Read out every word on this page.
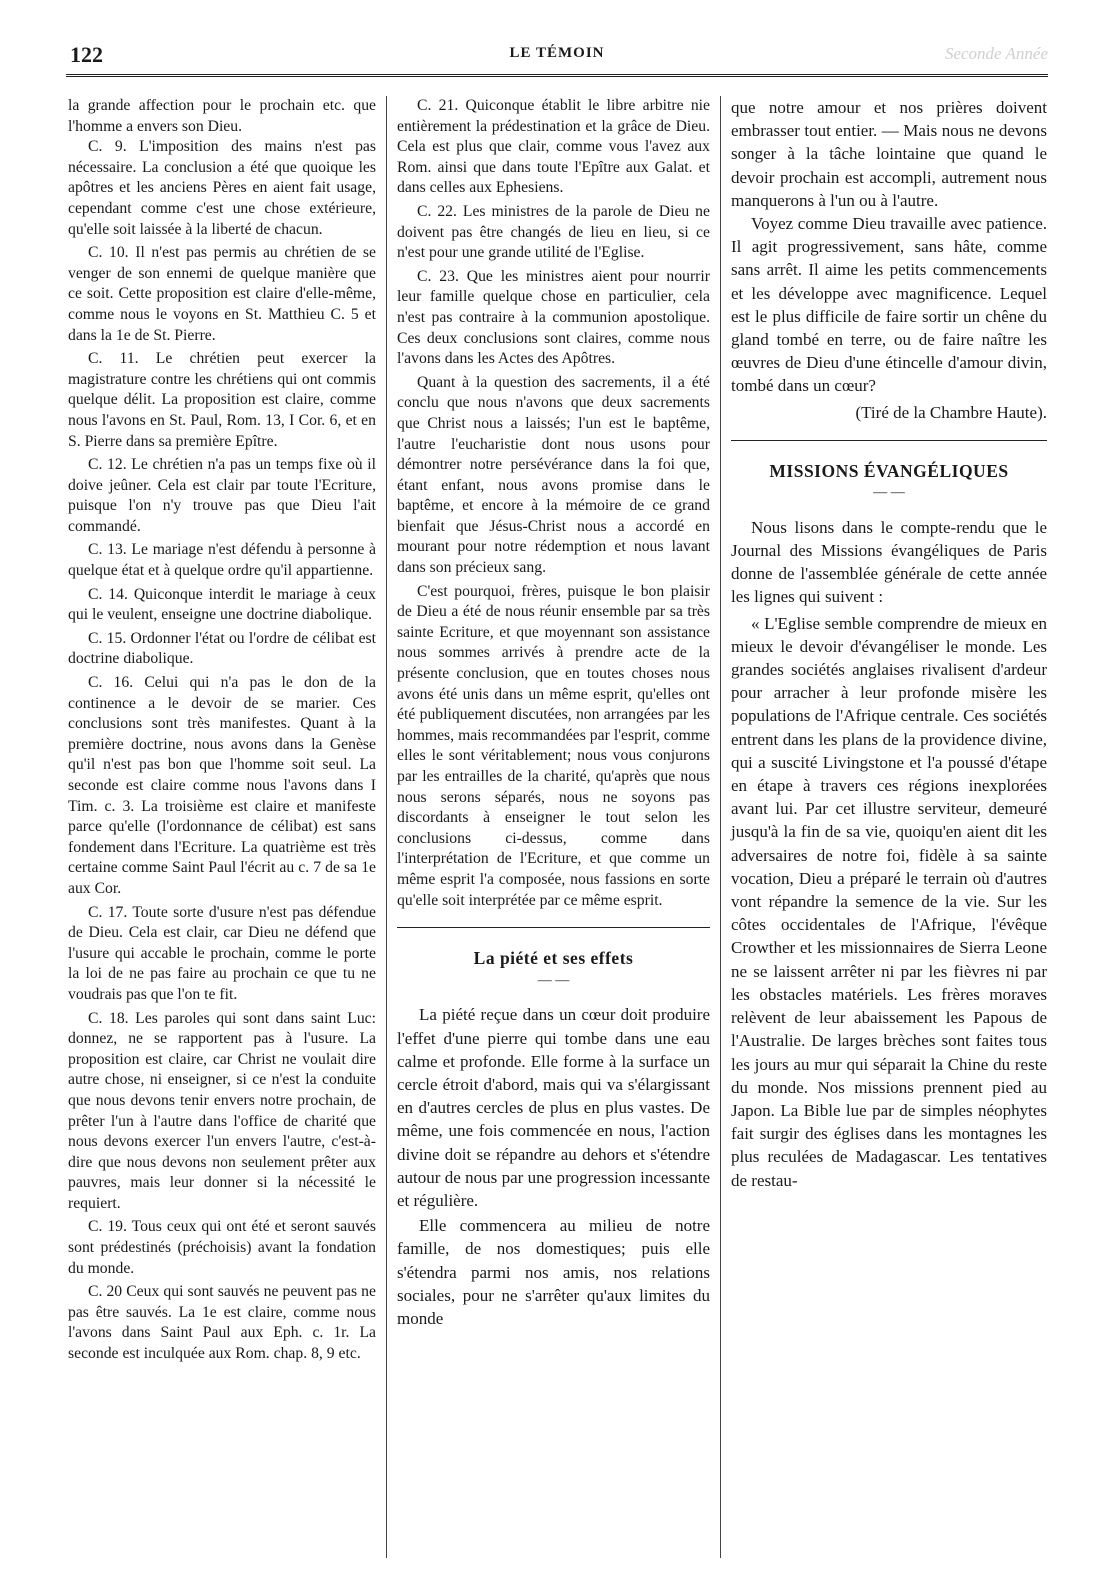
122	LE TÉMOIN	Seconde Année

la grande affection pour le prochain etc. que l'homme a envers son Dieu.

C. 9. L'imposition des mains n'est pas nécessaire. La conclusion a été que quoique les apôtres et les anciens Pères en aient fait usage, cependant comme c'est une chose extérieure, qu'elle soit laissée à la liberté de chacun.

C. 10. Il n'est pas permis au chrétien de se venger de son ennemi de quelque manière que ce soit. Cette proposition est claire d'elle-même, comme nous le voyons en St. Matthieu C. 5 et dans la 1e de St. Pierre.

C. 11. Le chrétien peut exercer la magistrature contre les chrétiens qui ont commis quelque délit. La proposition est claire, comme nous l'avons en St. Paul, Rom. 13, I Cor. 6, et en S. Pierre dans sa première Epître.

C. 12. Le chrétien n'a pas un temps fixe où il doive jeûner. Cela est clair par toute l'Ecriture, puisque l'on n'y trouve pas que Dieu l'ait commandé.

C. 13. Le mariage n'est défendu à personne à quelque état et à quelque ordre qu'il appartienne.

C. 14. Quiconque interdit le mariage à ceux qui le veulent, enseigne une doctrine diabolique.

C. 15. Ordonner l'état ou l'ordre de célibat est doctrine diabolique.

C. 16. Celui qui n'a pas le don de la continence a le devoir de se marier. Ces conclusions sont très manifestes. Quant à la première doctrine, nous avons dans la Genèse qu'il n'est pas bon que l'homme soit seul. La seconde est claire comme nous l'avons dans I Tim. c. 3. La troisième est claire et manifeste parce qu'elle (l'ordonnance de célibat) est sans fondement dans l'Ecriture. La quatrième est très certaine comme Saint Paul l'écrit au c. 7 de sa 1e aux Cor.

C. 17. Toute sorte d'usure n'est pas défendue de Dieu. Cela est clair, car Dieu ne défend que l'usure qui accable le prochain, comme le porte la loi de ne pas faire au prochain ce que tu ne voudrais pas que l'on te fit.

C. 18. Les paroles qui sont dans saint Luc: donnez, ne se rapportent pas à l'usure. La proposition est claire, car Christ ne voulait dire autre chose, ni enseigner, si ce n'est la conduite que nous devons tenir envers notre prochain, de prêter l'un à l'autre dans l'office de charité que nous devons exercer l'un envers l'autre, c'est-à-dire que nous devons non seulement prêter aux pauvres, mais leur donner si la nécessité le requiert.

C. 19. Tous ceux qui ont été et seront sauvés sont prédestinés (préchoisis) avant la fondation du monde.

C. 20 Ceux qui sont sauvés ne peuvent pas ne pas être sauvés. La 1e est claire, comme nous l'avons dans Saint Paul aux Eph. c. 1r. La seconde est inculquée aux Rom. chap. 8, 9 etc.

C. 21. Quiconque établit le libre arbitre nie entièrement la prédestination et la grâce de Dieu. Cela est plus que clair, comme vous l'avez aux Rom. ainsi que dans toute l'Epître aux Galat. et dans celles aux Ephesiens.

C. 22. Les ministres de la parole de Dieu ne doivent pas être changés de lieu en lieu, si ce n'est pour une grande utilité de l'Eglise.

C. 23. Que les ministres aient pour nourrir leur famille quelque chose en particulier, cela n'est pas contraire à la communion apostolique. Ces deux conclusions sont claires, comme nous l'avons dans les Actes des Apôtres.

Quant à la question des sacrements, il a été conclu que nous n'avons que deux sacrements que Christ nous a laissés; l'un est le baptême, l'autre l'eucharistie dont nous usons pour démontrer notre persévérance dans la foi que, étant enfant, nous avons promise dans le baptême, et encore à la mémoire de ce grand bienfait que Jésus-Christ nous a accordé en mourant pour notre rédemption et nous lavant dans son précieux sang.

C'est pourquoi, frères, puisque le bon plaisir de Dieu a été de nous réunir ensemble par sa très sainte Ecriture, et que moyennant son assistance nous sommes arrivés à prendre acte de la présente conclusion, que en toutes choses nous avons été unis dans un même esprit, qu'elles ont été publiquement discutées, non arrangées par les hommes, mais recommandées par l'esprit, comme elles le sont véritablement; nous vous conjurons par les entrailles de la charité, qu'après que nous nous serons séparés, nous ne soyons pas discordants à enseigner le tout selon les conclusions ci-dessus, comme dans l'interprétation de l'Ecriture, et que comme un même esprit l'a composée, nous fassions en sorte qu'elle soit interprétée par ce même esprit.

La piété et ses effets

— —

La piété reçue dans un cœur doit produire l'effet d'une pierre qui tombe dans une eau calme et profonde. Elle forme à la surface un cercle étroit d'abord, mais qui va s'élargissant en d'autres cercles de plus en plus vastes. De même, une fois commencée en nous, l'action divine doit se répandre au dehors et s'étendre autour de nous par une progression incessante et régulière.

Elle commencera au milieu de notre famille, de nos domestiques; puis elle s'étendra parmi nos amis, nos relations sociales, pour ne s'arrêter qu'aux limites du monde

que notre amour et nos prières doivent embrasser tout entier. — Mais nous ne devons songer à la tâche lointaine que quand le devoir prochain est accompli, autrement nous manquerons à l'un ou à l'autre.

Voyez comme Dieu travaille avec patience. Il agit progressivement, sans hâte, comme sans arrêt. Il aime les petits commencements et les développe avec magnificence. Lequel est le plus difficile de faire sortir un chêne du gland tombé en terre, ou de faire naître les œuvres de Dieu d'une étincelle d'amour divin, tombé dans un cœur?

(Tiré de la Chambre Haute).

MISSIONS ÉVANGÉLIQUES

— —

Nous lisons dans le compte-rendu que le Journal des Missions évangéliques de Paris donne de l'assemblée générale de cette année les lignes qui suivent :

« L'Eglise semble comprendre de mieux en mieux le devoir d'évangéliser le monde. Les grandes sociétés anglaises rivalisent d'ardeur pour arracher à leur profonde misère les populations de l'Afrique centrale. Ces sociétés entrent dans les plans de la providence divine, qui a suscité Livingstone et l'a poussé d'étape en étape à travers ces régions inexplorées avant lui. Par cet illustre serviteur, demeuré jusqu'à la fin de sa vie, quoiqu'en aient dit les adversaires de notre foi, fidèle à sa sainte vocation, Dieu a préparé le terrain où d'autres vont répandre la semence de la vie. Sur les côtes occidentales de l'Afrique, l'évêque Crowther et les missionnaires de Sierra Leone ne se laissent arrêter ni par les fièvres ni par les obstacles matériels. Les frères moraves relèvent de leur abaissement les Papous de l'Australie. De larges brèches sont faites tous les jours au mur qui séparait la Chine du reste du monde. Nos missions prennent pied au Japon. La Bible lue par de simples néophytes fait surgir des églises dans les montagnes les plus reculées de Madagascar. Les tentatives de restau-
